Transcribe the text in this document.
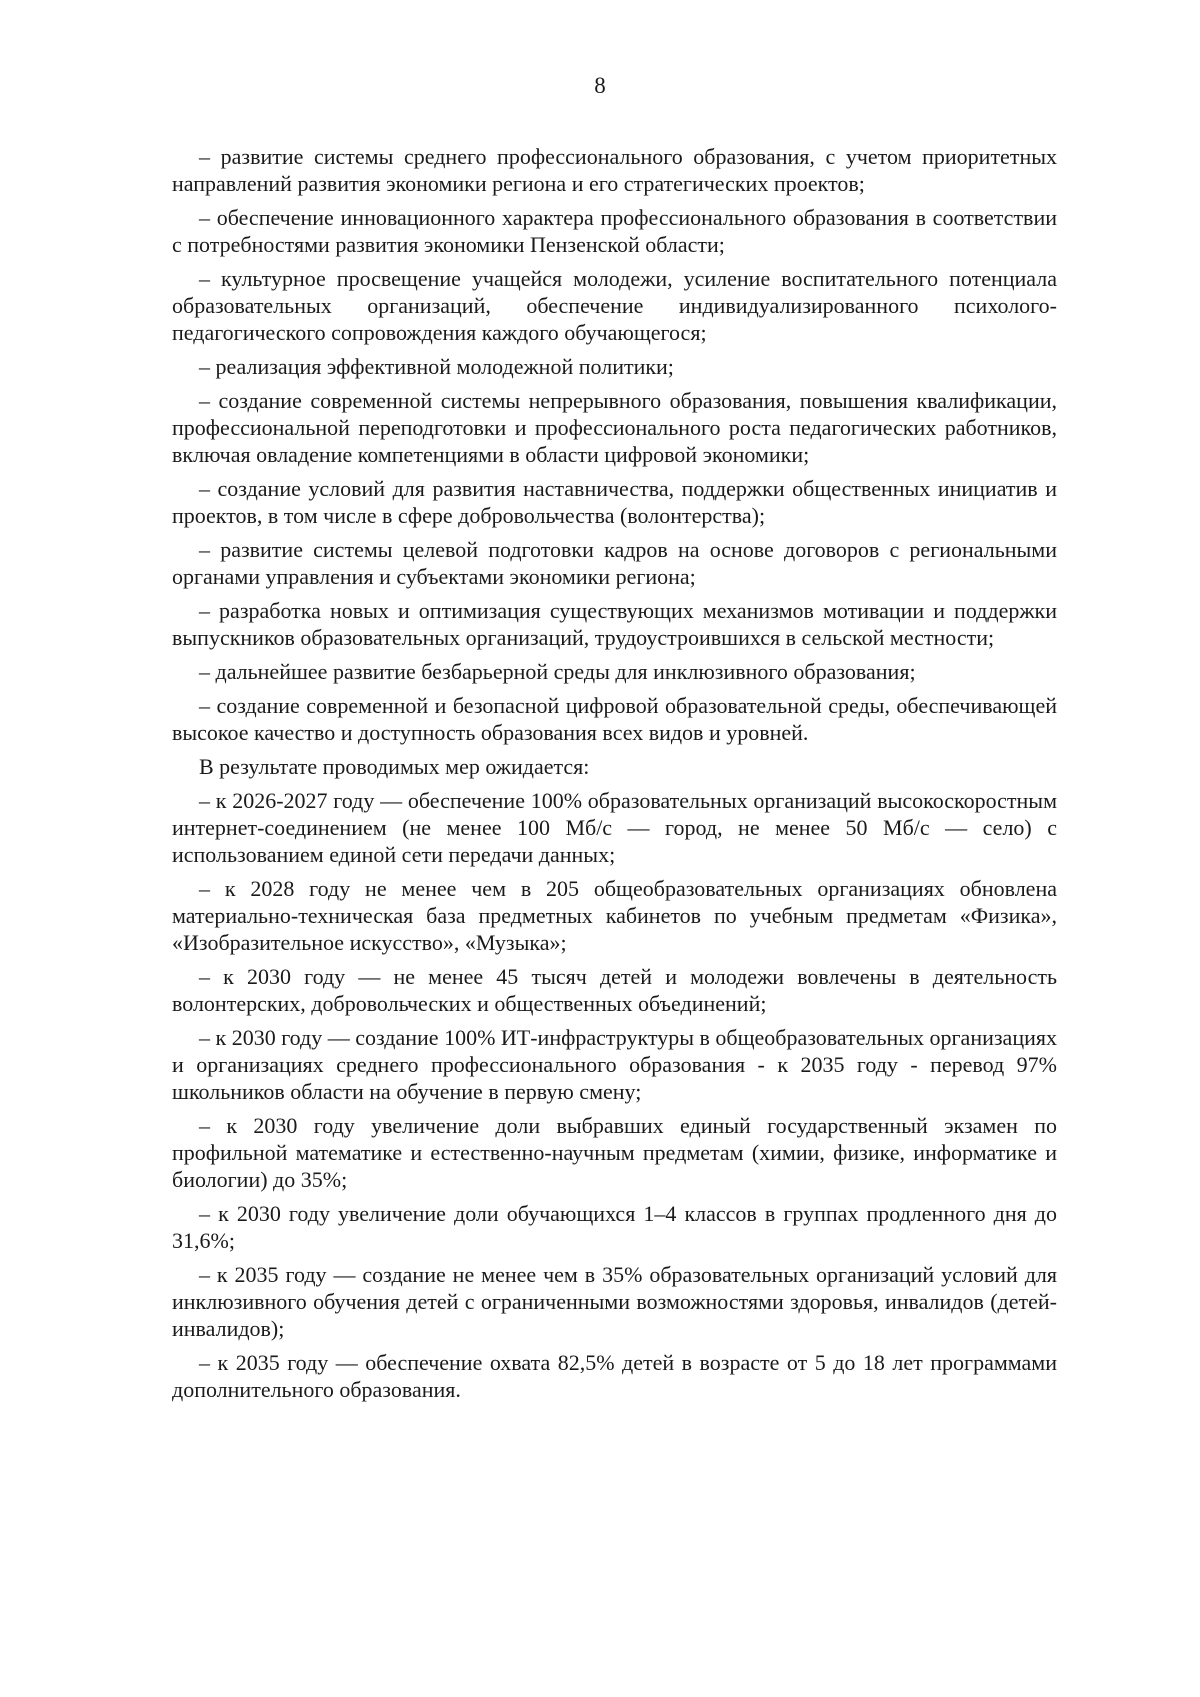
8

– развитие системы среднего профессионального образования, с учетом приоритетных направлений развития экономики региона и его стратегических проектов;

– обеспечение инновационного характера профессионального образования в соответствии с потребностями развития экономики Пензенской области;

– культурное просвещение учащейся молодежи, усиление воспитательного потенциала образовательных организаций, обеспечение индивидуализированного психолого-педагогического сопровождения каждого обучающегося;

– реализация эффективной молодежной политики;

– создание современной системы непрерывного образования, повышения квалификации, профессиональной переподготовки и профессионального роста педагогических работников, включая овладение компетенциями в области цифровой экономики;

– создание условий для развития наставничества, поддержки общественных инициатив и проектов, в том числе в сфере добровольчества (волонтерства);

– развитие системы целевой подготовки кадров на основе договоров с региональными органами управления и субъектами экономики региона;

– разработка новых и оптимизация существующих механизмов мотивации и поддержки выпускников образовательных организаций, трудоустроившихся в сельской местности;

– дальнейшее развитие безбарьерной среды для инклюзивного образования;

– создание современной и безопасной цифровой образовательной среды, обеспечивающей высокое качество и доступность образования всех видов и уровней.

В результате проводимых мер ожидается:

– к 2026-2027 году — обеспечение 100% образовательных организаций высокоскоростным интернет-соединением (не менее 100 Мб/с — город, не менее 50 Мб/с — село) с использованием единой сети передачи данных;

– к 2028 году не менее чем в 205 общеобразовательных организациях обновлена материально-техническая база предметных кабинетов по учебным предметам «Физика», «Изобразительное искусство», «Музыка»;

– к 2030 году — не менее 45 тысяч детей и молодежи вовлечены в деятельность волонтерских, добровольческих и общественных объединений;

– к 2030 году — создание 100% ИТ-инфраструктуры в общеобразовательных организациях и организациях среднего профессионального образования - к 2035 году - перевод 97% школьников области на обучение в первую смену;

– к 2030 году увеличение доли выбравших единый государственный экзамен по профильной математике и естественно-научным предметам (химии, физике, информатике и биологии) до 35%;

– к 2030 году увеличение доли обучающихся 1–4 классов в группах продленного дня до 31,6%;

– к 2035 году — создание не менее чем в 35% образовательных организаций условий для инклюзивного обучения детей с ограниченными возможностями здоровья, инвалидов (детей-инвалидов);

– к 2035 году — обеспечение охвата 82,5% детей в возрасте от 5 до 18 лет программами дополнительного образования.
